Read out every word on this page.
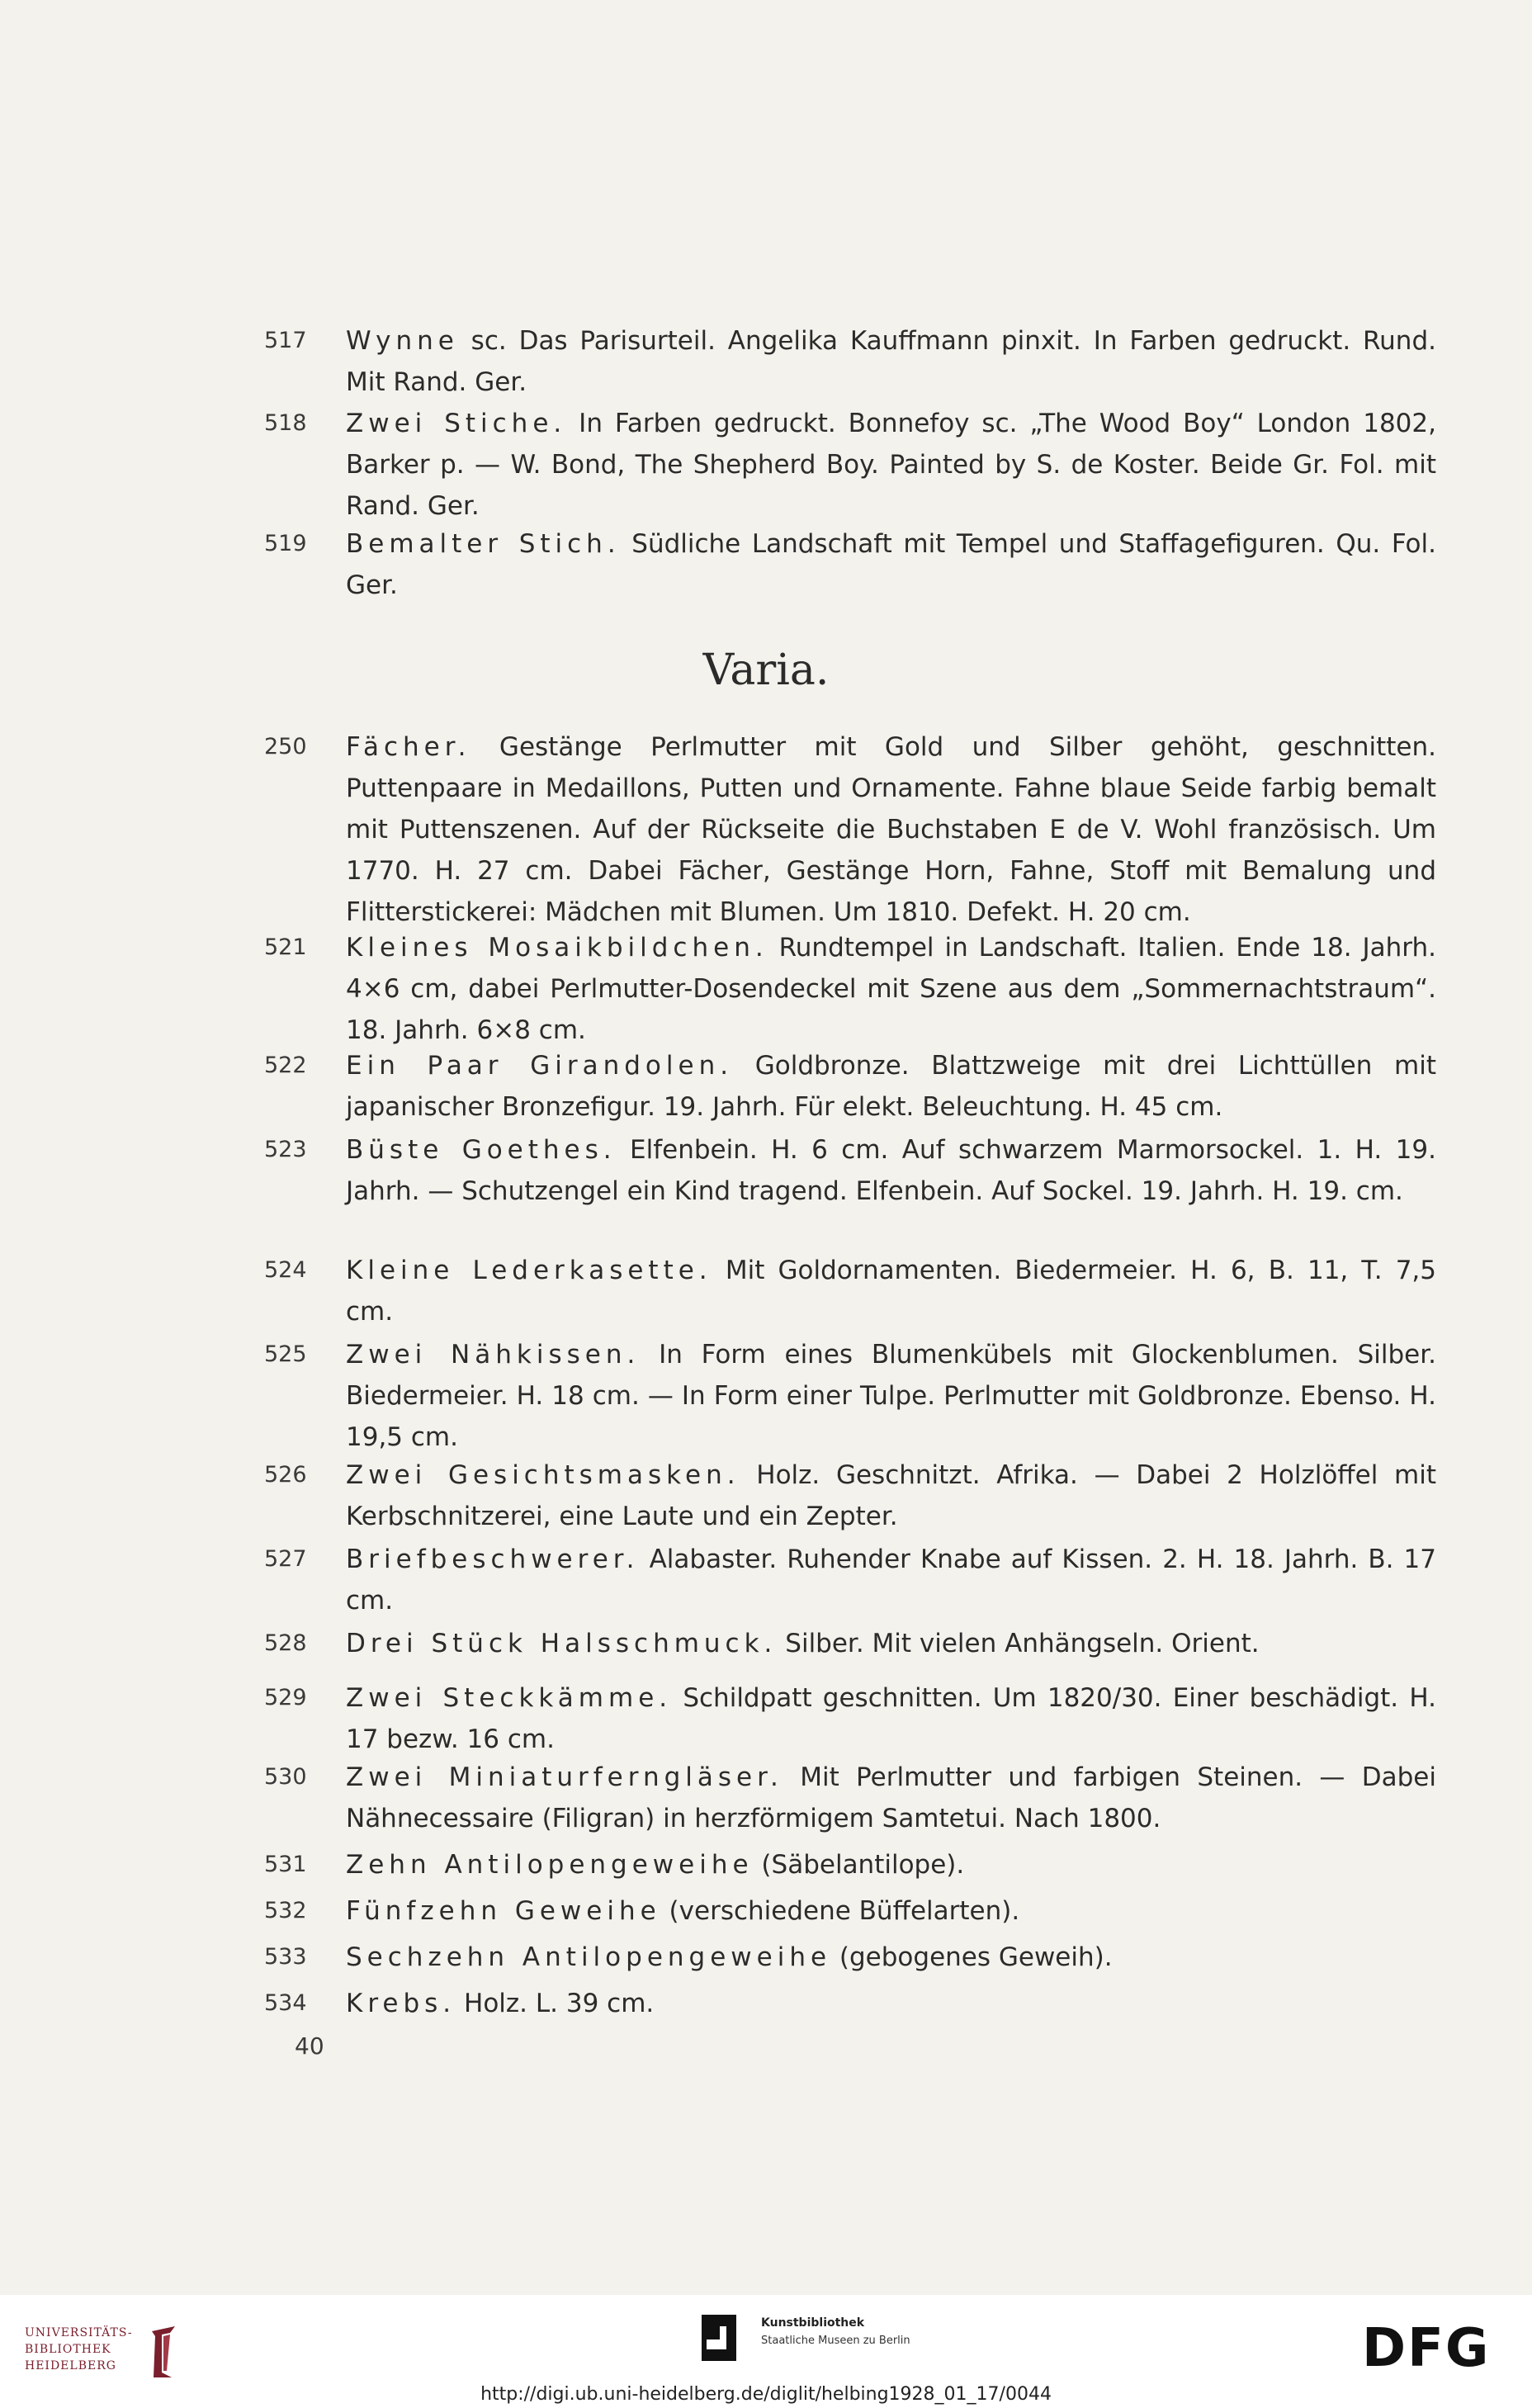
517	Wynne sc. Das Parisurteil. Angelika Kauffmann pinxit. In Farben gedruckt. Rund. Mit Rand. Ger.
518	Zwei Stiche. In Farben gedruckt. Bonnefoy sc. „The Wood Boy“ London 1802, Barker p. — W. Bond, The Shepherd Boy. Painted by S. de Koster. Beide Gr. Fol. mit Rand. Ger.
519	Bemalter Stich. Südliche Landschaft mit Tempel und Staffagefiguren. Qu. Fol. Ger.
Varia.
250	Fächer. Gestänge Perlmutter mit Gold und Silber gehöht, geschnitten. Puttenpaare in Medaillons, Putten und Ornamente. Fahne blaue Seide farbig bemalt mit Puttenszenen. Auf der Rückseite die Buchstaben E de V. Wohl französisch. Um 1770. H. 27 cm. Dabei Fächer, Gestänge Horn, Fahne, Stoff mit Bemalung und Flitterstickerei: Mädchen mit Blumen. Um 1810. Defekt. H. 20 cm.
521	Kleines Mosaikbildchen. Rundtempel in Landschaft. Italien. Ende 18. Jahrh. 4×6 cm, dabei Perlmutter-Dosendeckel mit Szene aus dem „Sommernachtstraum“. 18. Jahrh. 6×8 cm.
522	Ein Paar Girandolen. Goldbronze. Blattzweige mit drei Lichttüllen mit japanischer Bronzefigur. 19. Jahrh. Für elekt. Beleuchtung. H. 45 cm.
523	Büste Goethes. Elfenbein. H. 6 cm. Auf schwarzem Marmorsockel. 1. H. 19. Jahrh. — Schutzengel ein Kind tragend. Elfenbein. Auf Sockel. 19. Jahrh. H. 19. cm.
524	Kleine Lederkasette. Mit Goldornamenten. Biedermeier. H. 6, B. 11, T. 7,5 cm.
525	Zwei Nähkissen. In Form eines Blumenkübels mit Glockenblumen. Silber. Biedermeier. H. 18 cm. — In Form einer Tulpe. Perlmutter mit Goldbronze. Ebenso. H. 19,5 cm.
526	Zwei Gesichtsmasken. Holz. Geschnitzt. Afrika. — Dabei 2 Holzlöffel mit Kerbschnitzerei, eine Laute und ein Zepter.
527	Briefbeschwerer. Alabaster. Ruhender Knabe auf Kissen. 2. H. 18. Jahrh. B. 17 cm.
528	Drei Stück Halsschmuck. Silber. Mit vielen Anhängseln. Orient.
529	Zwei Steckkämme. Schildpatt geschnitten. Um 1820/30. Einer beschädigt. H. 17 bezw. 16 cm.
530	Zwei Miniaturferngläser. Mit Perlmutter und farbigen Steinen. — Dabei Nähnecessaire (Filigran) in herzförmigem Samtetui. Nach 1800.
531	Zehn Antilopengeweihe (Säbelantilope).
532	Fünfzehn Geweihe (verschiedene Büffelarten).
533	Sechzehn Antilopengeweihe (gebogenes Geweih).
534	Krebs. Holz. L. 39 cm.
40
UNIVERSITÄTS-
BIBLIOTHEK
HEIDELBERG
Kunstbibliothek
Staatliche Museen zu Berlin	DFG
http://digi.ub.uni-heidelberg.de/diglit/helbing1928_01_17/0044
